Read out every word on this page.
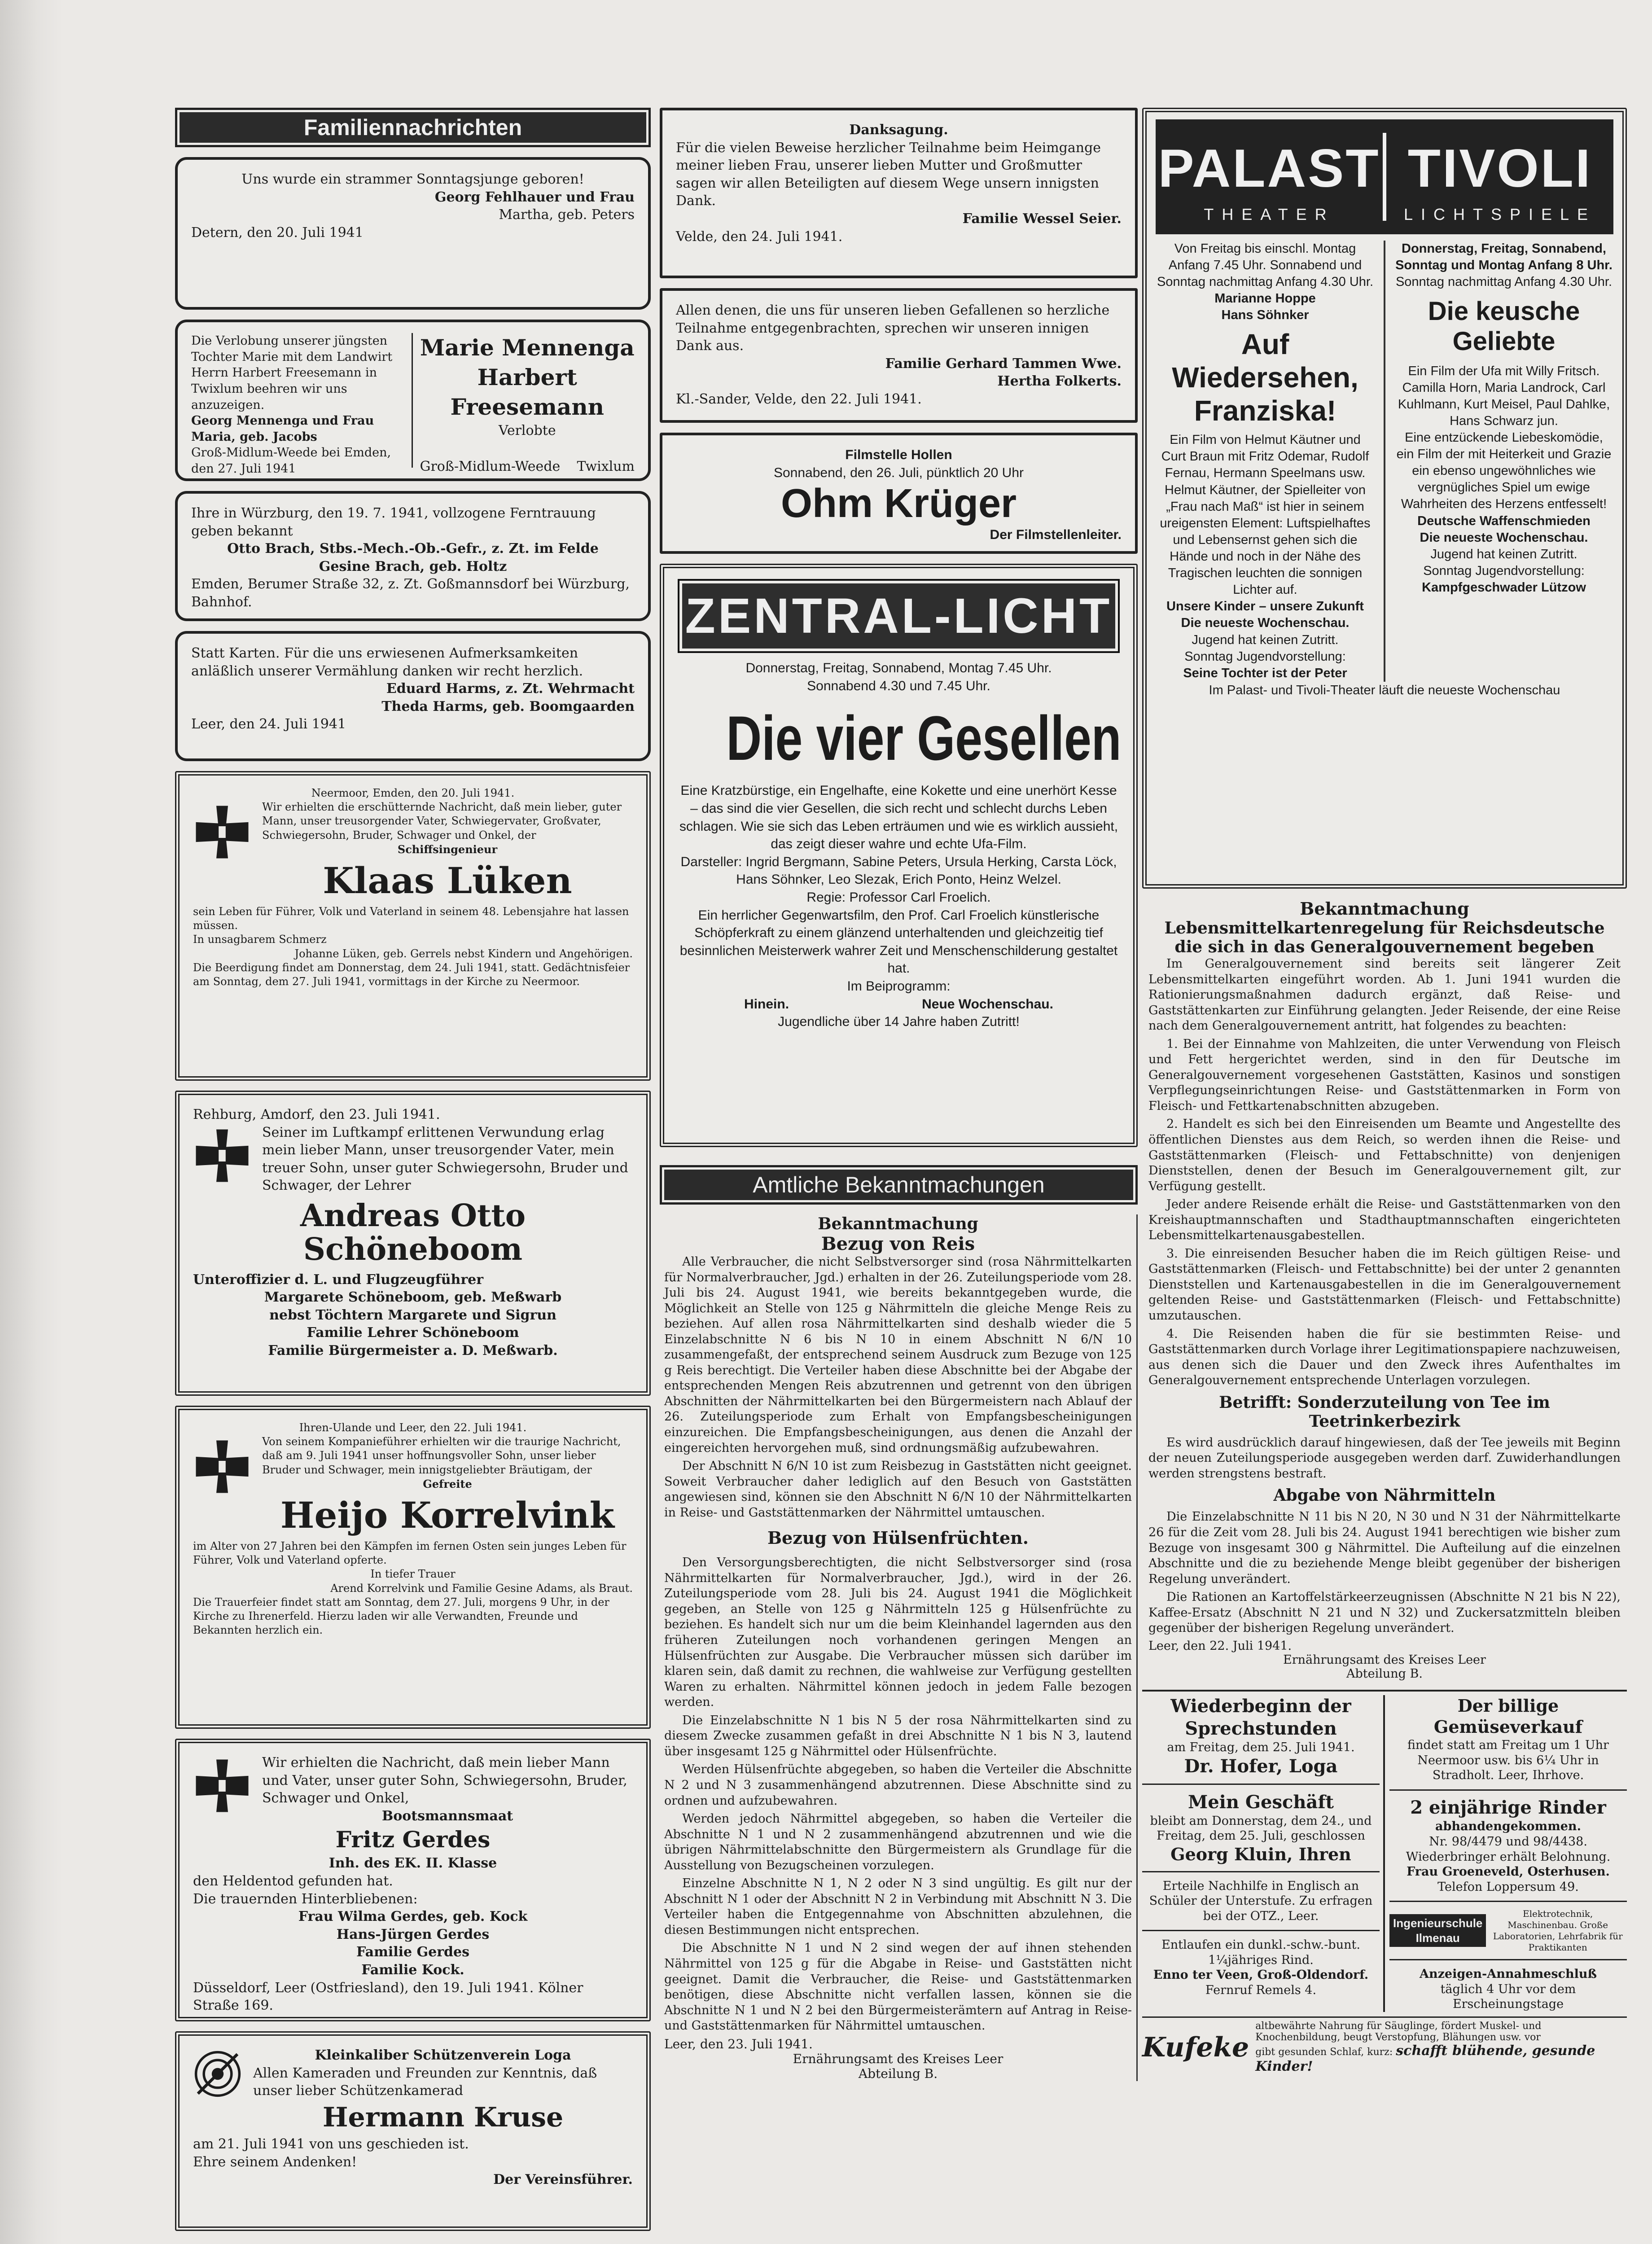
Familiennachrichten
Uns wurde ein strammer Sonntagsjunge geboren!
Georg Fehlhauer und Frau
Martha, geb. Peters
Detern, den 20. Juli 1941
Die Verlobung unserer jüngsten Tochter Marie mit dem Landwirt Herrn Harbert Freesemann in Twixlum beehren wir uns anzuzeigen.
Georg Mennenga und Frau Maria, geb. Jacobs
Groß-Midlum-Weede bei Emden, den 27. Juli 1941
Marie Mennenga
Harbert Freesemann
Verlobte
Groß-Midlum-Weede Twixlum
Ihre in Würzburg, den 19. 7. 1941, vollzogene Ferntrauung geben bekannt
Otto Brach, Stbs.-Mech.-Ob.-Gefr., z. Zt. im Felde
Gesine Brach, geb. Holtz
Emden, Berumer Straße 32, z. Zt. Goßmannsdorf bei Würzburg, Bahnhof.
Statt Karten. Für die uns erwiesenen Aufmerksamkeiten anläßlich unserer Vermählung danken wir recht herzlich.
Eduard Harms, z. Zt. Wehrmacht
Theda Harms, geb. Boomgaarden
Leer, den 24. Juli 1941
Neermoor, Emden, den 20. Juli 1941.
Wir erhielten die erschütternde Nachricht, daß mein lieber, guter Mann, unser treusorgender Vater, Schwiegervater, Großvater, Schwiegersohn, Bruder, Schwager und Onkel, der
Schiffsingenieur
Klaas Lüken
sein Leben für Führer, Volk und Vaterland in seinem 48. Lebensjahre hat lassen müssen.
In unsagbarem Schmerz
Johanne Lüken, geb. Gerrels nebst Kindern und Angehörigen.
Die Beerdigung findet am Donnerstag, dem 24. Juli 1941, statt. Gedächtnisfeier am Sonntag, dem 27. Juli 1941, vormittags in der Kirche zu Neermoor.
Rehburg, Amdorf, den 23. Juli 1941.
Seiner im Luftkampf erlittenen Verwundung erlag mein lieber Mann, unser treusorgender Vater, mein treuer Sohn, unser guter Schwiegersohn, Bruder und Schwager, der Lehrer
Andreas Otto Schöneboom
Unteroffizier d. L. und Flugzeugführer
Margarete Schöneboom, geb. Meßwarb
nebst Töchtern Margarete und Sigrun
Familie Lehrer Schöneboom
Familie Bürgermeister a. D. Meßwarb.
Ihren-Ulande und Leer, den 22. Juli 1941.
Von seinem Kompanieführer erhielten wir die traurige Nachricht, daß am 9. Juli 1941 unser hoffnungsvoller Sohn, unser lieber Bruder und Schwager, mein innigstgeliebter Bräutigam, der
Gefreite
Heijo Korrelvink
im Alter von 27 Jahren bei den Kämpfen im fernen Osten sein junges Leben für Führer, Volk und Vaterland opferte.
In tiefer Trauer
Arend Korrelvink und Familie Gesine Adams, als Braut.
Die Trauerfeier findet statt am Sonntag, dem 27. Juli, morgens 9 Uhr, in der Kirche zu Ihrenerfeld. Hierzu laden wir alle Verwandten, Freunde und Bekannten herzlich ein.
Wir erhielten die Nachricht, daß mein lieber Mann und Vater, unser guter Sohn, Schwiegersohn, Bruder, Schwager und Onkel,
Bootsmannsmaat
Fritz Gerdes
Inh. des EK. II. Klasse
den Heldentod gefunden hat.
Die trauernden Hinterbliebenen:
Frau Wilma Gerdes, geb. Kock
Hans-Jürgen Gerdes
Familie Gerdes
Familie Kock.
Düsseldorf, Leer (Ostfriesland), den 19. Juli 1941. Kölner Straße 169.
Kleinkaliber Schützenverein Loga
Allen Kameraden und Freunden zur Kenntnis, daß unser lieber Schützenkamerad
Hermann Kruse
am 21. Juli 1941 von uns geschieden ist.
Ehre seinem Andenken!
Der Vereinsführer.
Danksagung.
Für die vielen Beweise herzlicher Teilnahme beim Heimgange meiner lieben Frau, unserer lieben Mutter und Großmutter sagen wir allen Beteiligten auf diesem Wege unsern innigsten Dank.
Familie Wessel Seier.
Velde, den 24. Juli 1941.
Allen denen, die uns für unseren lieben Gefallenen so herzliche Teilnahme entgegenbrachten, sprechen wir unseren innigen Dank aus.
Familie Gerhard Tammen Wwe.
Hertha Folkerts.
Kl.-Sander, Velde, den 22. Juli 1941.
Filmstelle Hollen
Sonnabend, den 26. Juli, pünktlich 20 Uhr
Ohm Krüger
Der Filmstellenleiter.
ZENTRAL-LICHT
Donnerstag, Freitag, Sonnabend, Montag 7.45 Uhr.
Sonnabend 4.30 und 7.45 Uhr.
Die vier Gesellen
Eine Kratzbürstige, ein Engelhafte, eine Kokette und eine unerhört Kesse – das sind die vier Gesellen, die sich recht und schlecht durchs Leben schlagen. Wie sie sich das Leben erträumen und wie es wirklich aussieht, das zeigt dieser wahre und echte Ufa-Film.
Darsteller: Ingrid Bergmann, Sabine Peters, Ursula Herking, Carsta Löck, Hans Söhnker, Leo Slezak, Erich Ponto, Heinz Welzel.
Regie: Professor Carl Froelich.
Ein herrlicher Gegenwartsfilm, den Prof. Carl Froelich künstlerische Schöpferkraft zu einem glänzend unterhaltenden und gleichzeitig tief besinnlichen Meisterwerk wahrer Zeit und Menschenschilderung gestaltet hat.
Im Beiprogramm:
Hinein.	Neue Wochenschau.
Jugendliche über 14 Jahre haben Zutritt!
Amtliche Bekanntmachungen
Bekanntmachung
Bezug von Reis

Alle Verbraucher, die nicht Selbstversorger sind (rosa Nährmittelkarten für Normalverbraucher, Jgd.) erhalten in der 26. Zuteilungsperiode vom 28. Juli bis 24. August 1941, wie bereits bekanntgegeben wurde, die Möglichkeit an Stelle von 125 g Nährmitteln die gleiche Menge Reis zu beziehen. Auf allen rosa Nährmittelkarten sind deshalb wieder die 5 Einzelabschnitte N 6 bis N 10 in einem Abschnitt N 6/N 10 zusammengefaßt, der entsprechend seinem Ausdruck zum Bezuge von 125 g Reis berechtigt. Die Verteiler haben diese Abschnitte bei der Abgabe der entsprechenden Mengen Reis abzutrennen und getrennt von den übrigen Abschnitten der Nährmittelkarten bei den Bürgermeistern nach Ablauf der 26. Zuteilungsperiode zum Erhalt von Empfangsbescheinigungen einzureichen. Die Empfangsbescheinigungen, aus denen die Anzahl der eingereichten hervorgehen muß, sind ordnungsmäßig aufzubewahren.

Der Abschnitt N 6/N 10 ist zum Reisbezug in Gaststätten nicht geeignet. Soweit Verbraucher daher lediglich auf den Besuch von Gaststätten angewiesen sind, können sie den Abschnitt N 6/N 10 der Nährmittelkarten in Reise- und Gaststättenmarken der Nährmittel umtauschen.

Bezug von Hülsenfrüchten.

Den Versorgungsberechtigten, die nicht Selbstversorger sind (rosa Nährmittelkarten für Normalverbraucher, Jgd.), wird in der 26. Zuteilungsperiode vom 28. Juli bis 24. August 1941 die Möglichkeit gegeben, an Stelle von 125 g Nährmitteln 125 g Hülsenfrüchte zu beziehen. Es handelt sich nur um die beim Kleinhandel lagernden aus den früheren Zuteilungen noch vorhandenen geringen Mengen an Hülsenfrüchten zur Ausgabe. Die Verbraucher müssen sich darüber im klaren sein, daß damit zu rechnen, die wahlweise zur Verfügung gestellten Waren zu erhalten. Nährmittel können jedoch in jedem Falle bezogen werden.

Die Einzelabschnitte N 1 bis N 5 der rosa Nährmittelkarten sind zu diesem Zwecke zusammen gefaßt in drei Abschnitte N 1 bis N 3, lautend über insgesamt 125 g Nährmittel oder Hülsenfrüchte.

Werden Hülsenfrüchte abgegeben, so haben die Verteiler die Abschnitte N 2 und N 3 zusammenhängend abzutrennen. Diese Abschnitte sind zu ordnen und aufzubewahren.

Werden jedoch Nährmittel abgegeben, so haben die Verteiler die Abschnitte N 1 und N 2 zusammenhängend abzutrennen und wie die übrigen Nährmittelabschnitte den Bürgermeistern als Grundlage für die Ausstellung von Bezugscheinen vorzulegen.

Einzelne Abschnitte N 1, N 2 oder N 3 sind ungültig. Es gilt nur der Abschnitt N 1 oder der Abschnitt N 2 in Verbindung mit Abschnitt N 3. Die Verteiler haben die Entgegennahme von Abschnitten abzulehnen, die diesen Bestimmungen nicht entsprechen.

Die Abschnitte N 1 und N 2 sind wegen der auf ihnen stehenden Nährmittel von 125 g für die Abgabe in Reise- und Gaststätten nicht geeignet. Damit die Verbraucher, die Reise- und Gaststättenmarken benötigen, diese Abschnitte nicht verfallen lassen, können sie die Abschnitte N 1 und N 2 bei den Bürgermeisterämtern auf Antrag in Reise- und Gaststättenmarken für Nährmittel umtauschen.

Leer, den 23. Juli 1941.
Ernährungsamt des Kreises Leer
Abteilung B.
PALAST
THEATER
TIVOLI
LICHTSPIELE
Von Freitag bis einschl. Montag Anfang 7.45 Uhr. Sonnabend und Sonntag nachmittag Anfang 4.30 Uhr.
Marianne Hoppe
Hans Söhnker
Auf Wiedersehen, Franziska!
Ein Film von Helmut Käutner und Curt Braun mit Fritz Odemar, Rudolf Fernau, Hermann Speelmans usw.
Helmut Käutner, der Spielleiter von „Frau nach Maß“ ist hier in seinem ureigensten Element: Luftspielhaftes und Lebensernst gehen sich die Hände und noch in der Nähe des Tragischen leuchten die sonnigen Lichter auf.
Unsere Kinder – unsere Zukunft
Die neueste Wochenschau.
Jugend hat keinen Zutritt.
Sonntag Jugendvorstellung:
Seine Tochter ist der Peter
Donnerstag, Freitag, Sonnabend, Sonntag und Montag Anfang 8 Uhr.
Sonntag nachmittag Anfang 4.30 Uhr.
Die keusche Geliebte
Ein Film der Ufa mit Willy Fritsch.
Camilla Horn, Maria Landrock, Carl Kuhlmann, Kurt Meisel, Paul Dahlke, Hans Schwarz jun.
Eine entzückende Liebeskomödie, ein Film der mit Heiterkeit und Grazie ein ebenso ungewöhnliches wie vergnügliches Spiel um ewige Wahrheiten des Herzens entfesselt!
Deutsche Waffenschmieden
Die neueste Wochenschau.
Jugend hat keinen Zutritt.
Sonntag Jugendvorstellung:
Kampfgeschwader Lützow
Im Palast- und Tivoli-Theater läuft die neueste Wochenschau
Bekanntmachung
Lebensmittelkartenregelung für Reichsdeutsche die sich in das Generalgouvernement begeben

Im Generalgouvernement sind bereits seit längerer Zeit Lebensmittelkarten eingeführt worden. Ab 1. Juni 1941 wurden die Rationierungsmaßnahmen dadurch ergänzt, daß Reise- und Gaststättenkarten zur Einführung gelangten. Jeder Reisende, der eine Reise nach dem Generalgouvernement antritt, hat folgendes zu beachten:

1. Bei der Einnahme von Mahlzeiten, die unter Verwendung von Fleisch und Fett hergerichtet werden, sind in den für Deutsche im Generalgouvernement vorgesehenen Gaststätten, Kasinos und sonstigen Verpflegungseinrichtungen Reise- und Gaststättenmarken in Form von Fleisch- und Fettkartenabschnitten abzugeben.

2. Handelt es sich bei den Einreisenden um Beamte und Angestellte des öffentlichen Dienstes aus dem Reich, so werden ihnen die Reise- und Gaststättenmarken (Fleisch- und Fettabschnitte) von denjenigen Dienststellen, denen der Besuch im Generalgouvernement gilt, zur Verfügung gestellt.

Jeder andere Reisende erhält die Reise- und Gaststättenmarken von den Kreishauptmannschaften und Stadthauptmannschaften eingerichteten Lebensmittelkartenausgabestellen.

3. Die einreisenden Besucher haben die im Reich gültigen Reise- und Gaststättenmarken (Fleisch- und Fettabschnitte) bei der unter 2 genannten Dienststellen und Kartenausgabestellen in die im Generalgouvernement geltenden Reise- und Gaststättenmarken (Fleisch- und Fettabschnitte) umzutauschen.

4. Die Reisenden haben die für sie bestimmten Reise- und Gaststättenmarken durch Vorlage ihrer Legitimationspapiere nachzuweisen, aus denen sich die Dauer und den Zweck ihres Aufenthaltes im Generalgouvernement entsprechende Unterlagen vorzulegen.

Betrifft: Sonderzuteilung von Tee im Teetrinkerbezirk

Es wird ausdrücklich darauf hingewiesen, daß der Tee jeweils mit Beginn der neuen Zuteilungsperiode ausgegeben werden darf. Zuwiderhandlungen werden strengstens bestraft.

Abgabe von Nährmitteln

Die Einzelabschnitte N 11 bis N 20, N 30 und N 31 der Nährmittelkarte 26 für die Zeit vom 28. Juli bis 24. August 1941 berechtigen wie bisher zum Bezuge von insgesamt 300 g Nährmittel. Die Aufteilung auf die einzelnen Abschnitte und die zu beziehende Menge bleibt gegenüber der bisherigen Regelung unverändert.

Die Rationen an Kartoffelstärkeerzeugnissen (Abschnitte N 21 bis N 22), Kaffee-Ersatz (Abschnitt N 21 und N 32) und Zuckersatzmitteln bleiben gegenüber der bisherigen Regelung unverändert.

Leer, den 22. Juli 1941.
Ernährungsamt des Kreises Leer
Abteilung B.
Wiederbeginn der Sprechstunden
am Freitag, dem 25. Juli 1941.
Dr. Hofer, Loga
Mein Geschäft
bleibt am Donnerstag, dem 24., und Freitag, dem 25. Juli, geschlossen
Georg Kluin, Ihren
Erteile Nachhilfe in Englisch an Schüler der Unterstufe. Zu erfragen bei der OTZ., Leer.
Entlaufen ein dunkl.-schw.-bunt. 1¼jähriges Rind.
Enno ter Veen, Groß-Oldendorf.
Fernruf Remels 4.
Der billige Gemüseverkauf
findet statt am Freitag um 1 Uhr Neermoor usw. bis 6¼ Uhr in Stradholt. Leer, Ihrhove.
2 einjährige Rinder
abhandengekommen.
Nr. 98/4479 und 98/4438. Wiederbringer erhält Belohnung.
Frau Groeneveld, Osterhusen.
Telefon Loppersum 49.
Ingenieurschule Ilmenau
Elektrotechnik, Maschinenbau. Große Laboratorien, Lehrfabrik für Praktikanten
Anzeigen-Annahmeschluß
täglich 4 Uhr vor dem Erscheinungstage
Kufeke
altbewährte Nahrung für Säuglinge, fördert Muskel- und Knochenbildung, beugt Verstopfung, Blähungen usw. vor
gibt gesunden Schlaf, kurz: schafft blühende, gesunde Kinder!
